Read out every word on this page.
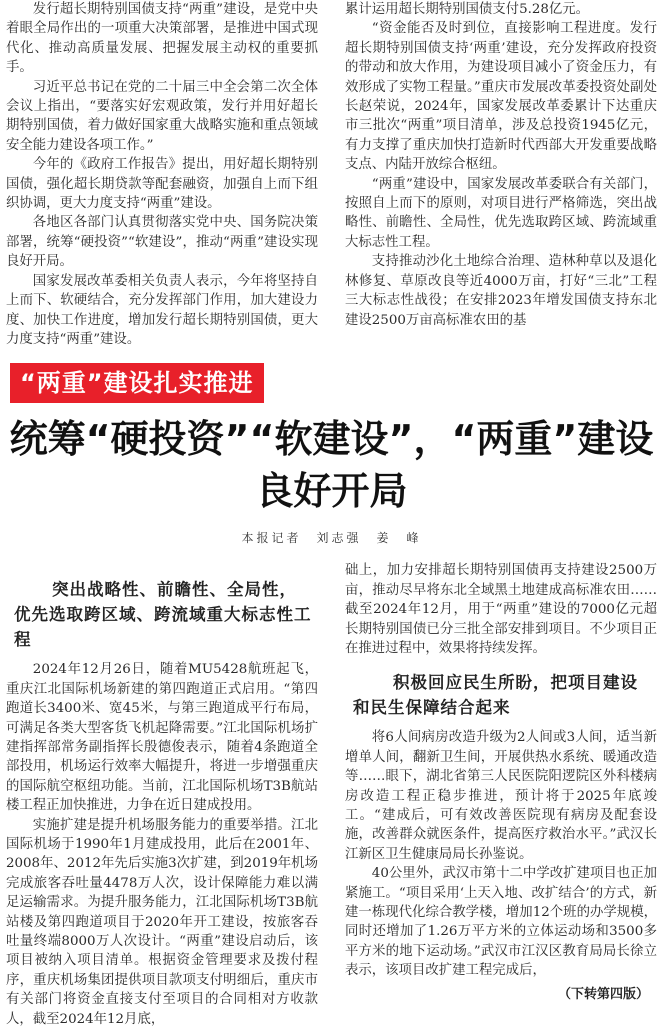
发行超长期特别国债支持“两重”建设，是党中央着眼全局作出的一项重大决策部署，是推进中国式现代化、推动高质量发展、把握发展主动权的重要抓手。

习近平总书记在党的二十届三中全会第二次全体会议上指出，“要落实好宏观政策，发行并用好超长期特别国债，着力做好国家重大战略实施和重点领域安全能力建设各项工作。”

今年的《政府工作报告》提出，用好超长期特别国债，强化超长期贷款等配套融资，加强自上而下组织协调，更大力度支持“两重”建设。

各地区各部门认真贯彻落实党中央、国务院决策部署，统筹“硬投资”“软建设”，推动“两重”建设实现良好开局。

国家发展改革委相关负责人表示，今年将坚持自上而下、软硬结合，充分发挥部门作用，加大建设力度、加快工作进度，增加发行超长期特别国债，更大力度支持“两重”建设。

累计运用超长期特别国债支付5.28亿元。

“资金能否及时到位，直接影响工程进度。发行超长期特别国债支持‘两重’建设，充分发挥政府投资的带动和放大作用，为建设项目减小了资金压力，有效形成了实物工程量。”重庆市发展改革委投资处副处长赵荣说，2024年，国家发展改革委累计下达重庆市三批次“两重”项目清单，涉及总投资1945亿元，有力支撑了重庆加快打造新时代西部大开发重要战略支点、内陆开放综合枢纽。

“两重”建设中，国家发展改革委联合有关部门，按照自上而下的原则，对项目进行严格筛选，突出战略性、前瞻性、全局性，优先选取跨区域、跨流域重大标志性工程。

支持推动沙化土地综合治理、造林种草以及退化林修复、草原改良等近4000万亩，打好“三北”工程三大标志性战役；在安排2023年增发国债支持东北建设2500万亩高标准农田的基

“两重”建设扎实推进
统筹“硬投资”“软建设”，“两重”建设良好开局
本报记者　刘志强　姜　峰
突出战略性、前瞻性、全局性，优先选取跨区域、跨流域重大标志性工程

2024年12月26日，随着MU5428航班起飞，重庆江北国际机场新建的第四跑道正式启用。“第四跑道长3400米、宽45米，与第三跑道成平行布局，可满足各类大型客货飞机起降需要。”江北国际机场扩建指挥部常务副指挥长殷德俊表示，随着4条跑道全部投用，机场运行效率大幅提升，将进一步增强重庆的国际航空枢纽功能。当前，江北国际机场T3B航站楼工程正加快推进，力争在近日建成投用。

实施扩建是提升机场服务能力的重要举措。江北国际机场于1990年1月建成投用，此后在2001年、2008年、2012年先后实施3次扩建，到2019年机场完成旅客吞吐量4478万人次，设计保障能力难以满足运输需求。为提升服务能力，江北国际机场T3B航站楼及第四跑道项目于2020年开工建设，按旅客吞吐量终端8000万人次设计。“两重”建设启动后，该项目被纳入项目清单。根据资金管理要求及拨付程序，重庆机场集团提供项目款项支付明细后，重庆市有关部门将资金直接支付至项目的合同相对方收款人，截至2024年12月底，

础上，加力安排超长期特别国债再支持建设2500万亩，推动尽早将东北全域黑土地建成高标准农田……截至2024年12月，用于“两重”建设的7000亿元超长期特别国债已分三批全部安排到项目。不少项目正在推进过程中，效果将持续发挥。

积极回应民生所盼，把项目建设和民生保障结合起来

将6人间病房改造升级为2人间或3人间，适当新增单人间，翻新卫生间，开展供热水系统、暖通改造等……眼下，湖北省第三人民医院阳逻院区外科楼病房改造工程正稳步推进，预计将于2025年底竣工。“建成后，可有效改善医院现有病房及配套设施，改善群众就医条件，提高医疗救治水平。”武汉长江新区卫生健康局局长孙鉴说。

40公里外，武汉市第十二中学改扩建项目也正加紧施工。“项目采用‘上天入地、改扩结合’的方式，新建一栋现代化综合教学楼，增加12个班的办学规模，同时还增加了1.26万平方米的立体运动场和3500多平方米的地下运动场。”武汉市江汉区教育局局长徐立表示，该项目改扩建工程完成后，

（下转第四版）
